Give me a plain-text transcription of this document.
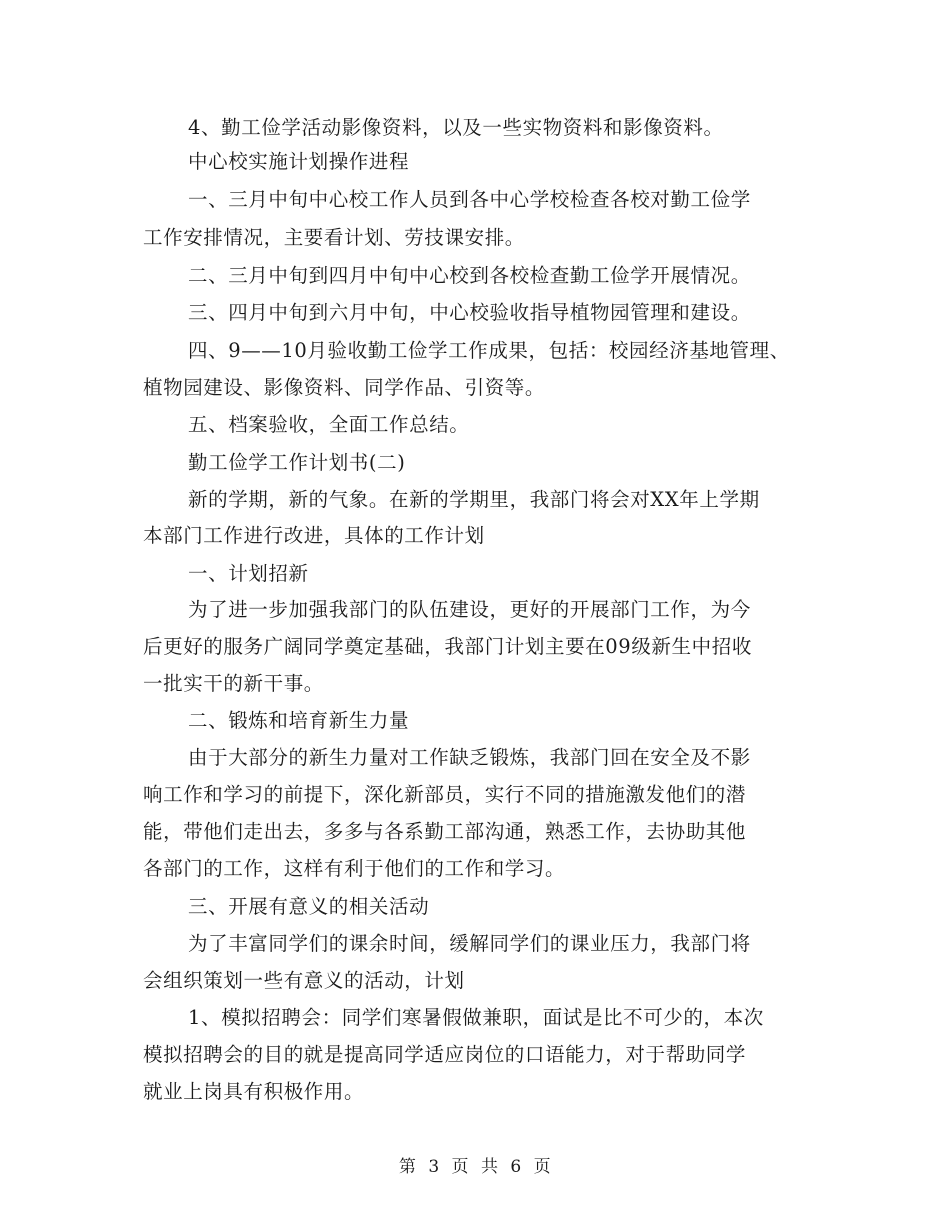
4、勤工俭学活动影像资料，以及一些实物资料和影像资料。
中心校实施计划操作进程
一、三月中旬中心校工作人员到各中心学校检查各校对勤工俭学
工作安排情况，主要看计划、劳技课安排。
二、三月中旬到四月中旬中心校到各校检查勤工俭学开展情况。
三、四月中旬到六月中旬，中心校验收指导植物园管理和建设。
四、9——10月验收勤工俭学工作成果，包括：校园经济基地管理、
植物园建设、影像资料、同学作品、引资等。
五、档案验收，全面工作总结。
勤工俭学工作计划书(二)
新的学期，新的气象。在新的学期里，我部门将会对XX年上学期
本部门工作进行改进，具体的工作计划
一、计划招新
为了进一步加强我部门的队伍建设，更好的开展部门工作，为今
后更好的服务广阔同学奠定基础，我部门计划主要在09级新生中招收
一批实干的新干事。
二、锻炼和培育新生力量
由于大部分的新生力量对工作缺乏锻炼，我部门回在安全及不影
响工作和学习的前提下，深化新部员，实行不同的措施激发他们的潜
能，带他们走出去，多多与各系勤工部沟通，熟悉工作，去协助其他
各部门的工作，这样有利于他们的工作和学习。
三、开展有意义的相关活动
为了丰富同学们的课余时间，缓解同学们的课业压力，我部门将
会组织策划一些有意义的活动，计划
1、模拟招聘会：同学们寒暑假做兼职，面试是比不可少的，本次
模拟招聘会的目的就是提高同学适应岗位的口语能力，对于帮助同学
就业上岗具有积极作用。
第 3 页 共 6 页
